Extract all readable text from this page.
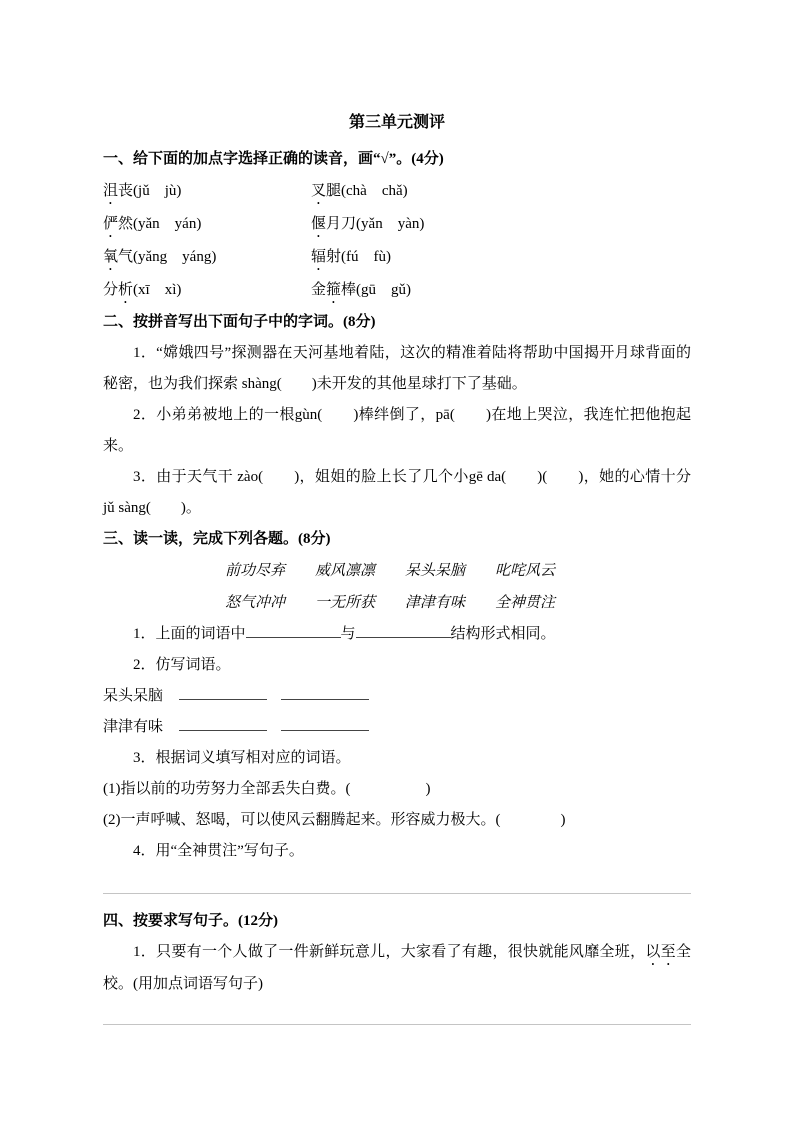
第三单元测评

一、给下面的加点字选择正确的读音，画“√”。(4分)

沮丧(jǔ　jù)	叉腿(chà　chǎ)
俨然(yǎn　yán)	偃月刀(yǎn　yàn)
氧气(yǎng　yáng)	辐射(fú　fù)
分析(xī　xì)	金箍棒(gū　gǔ)

二、按拼音写出下面句子中的字词。(8分)

1．“嫦娥四号”探测器在天河基地着陆，这次的精准着陆将帮助中国揭开月球背面的秘密，也为我们探索 shàng(　　)未开发的其他星球打下了基础。

2．小弟弟被地上的一根gùn(　　)棒绊倒了，pā(　　)在地上哭泣，我连忙把他抱起来。

3．由于天气干 zào(　　)，姐姐的脸上长了几个小gē da(　　)(　　)，她的心情十分 jǔ sàng(　　)。

三、读一读，完成下列各题。(8分)

前功尽弃 威风凛凛 呆头呆脑 叱咤风云
怒气冲冲 一无所获 津津有味 全神贯注

1．上面的词语中	与	结构形式相同。

2．仿写词语。

呆头呆脑
津津有味

3．根据词义填写相对应的词语。

(1)指以前的功劳努力全部丢失白费。(　　　　　)

(2)一声呼喊、怒喝，可以使风云翻腾起来。形容威力极大。(　　　　)

4．用“全神贯注”写句子。

四、按要求写句子。(12分)

1．只要有一个人做了一件新鲜玩意儿，大家看了有趣，很快就能风靡全班，以至全校。(用加点词语写句子)
